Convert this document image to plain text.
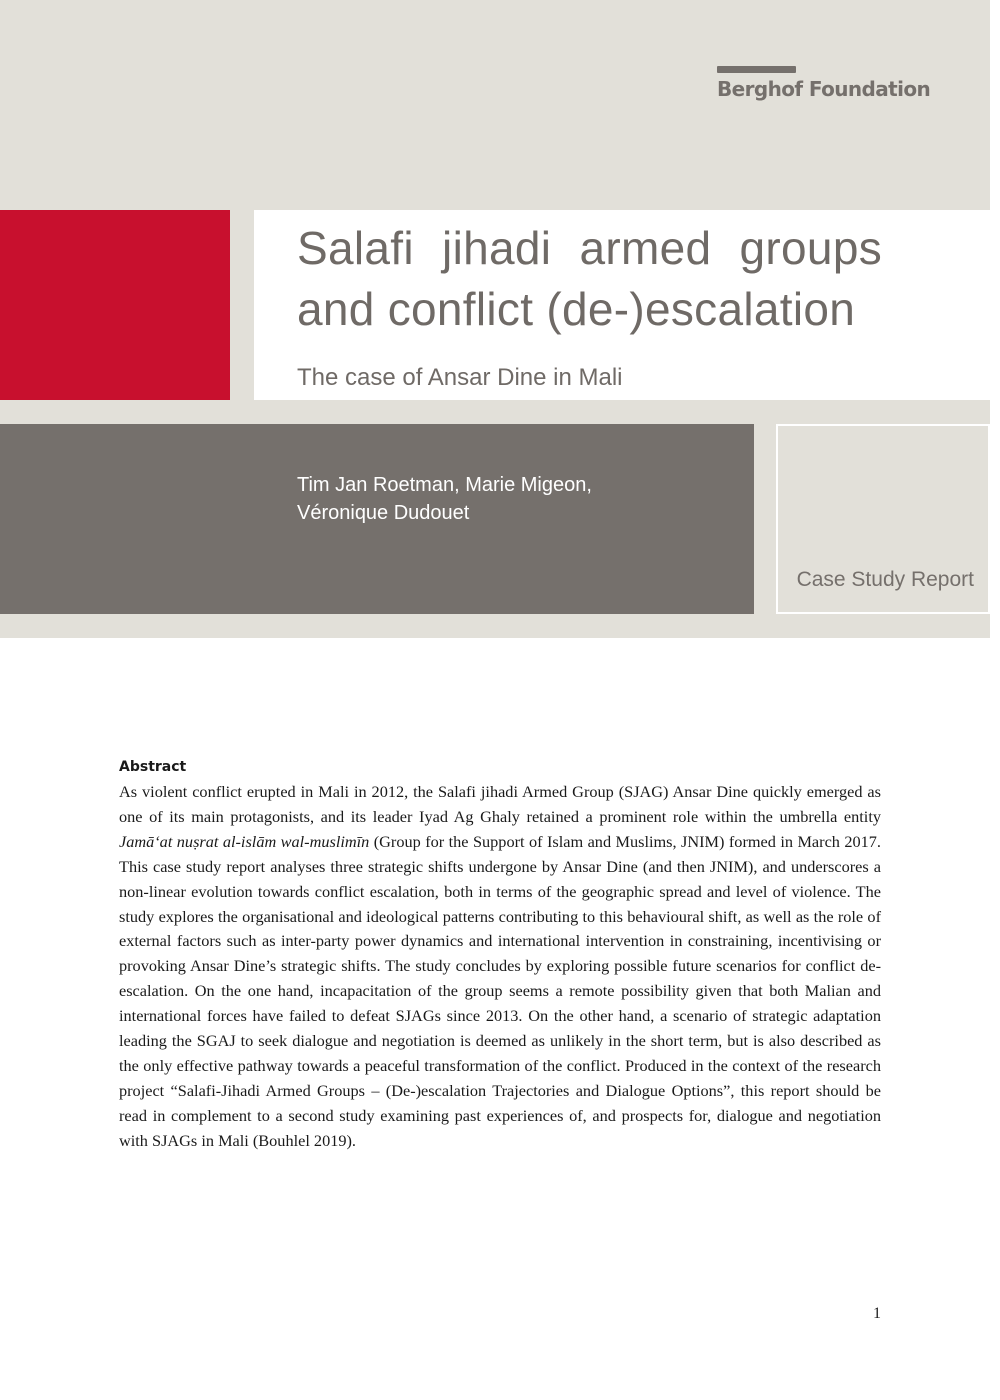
Berghof Foundation
Salafi jihadi armed groups and conflict (de-)escalation
The case of Ansar Dine in Mali
Tim Jan Roetman, Marie Migeon,
Véronique Dudouet
Case Study Report
Abstract

As violent conflict erupted in Mali in 2012, the Salafi jihadi Armed Group (SJAG) Ansar Dine quickly emerged as one of its main protagonists, and its leader Iyad Ag Ghaly retained a prominent role within the umbrella entity Jamā‘at nuṣrat al-islām wal-muslimīn (Group for the Support of Islam and Muslims, JNIM) formed in March 2017. This case study report analyses three strategic shifts undergone by Ansar Dine (and then JNIM), and underscores a non-linear evolution towards conflict escalation, both in terms of the geographic spread and level of violence. The study explores the organisational and ideological patterns contributing to this behavioural shift, as well as the role of external factors such as inter-party power dynamics and international intervention in constraining, incentivising or provoking Ansar Dine’s strategic shifts. The study concludes by exploring possible future scenarios for conflict de-escalation. On the one hand, incapacitation of the group seems a remote possibility given that both Malian and international forces have failed to defeat SJAGs since 2013. On the other hand, a scenario of strategic adaptation leading the SGAJ to seek dialogue and negotiation is deemed as unlikely in the short term, but is also described as the only effective pathway towards a peaceful transformation of the conflict. Produced in the context of the research project “Salafi-Jihadi Armed Groups – (De-)escalation Trajectories and Dialogue Options”, this report should be read in complement to a second study examining past experiences of, and prospects for, dialogue and negotiation with SJAGs in Mali (Bouhlel 2019).

1
